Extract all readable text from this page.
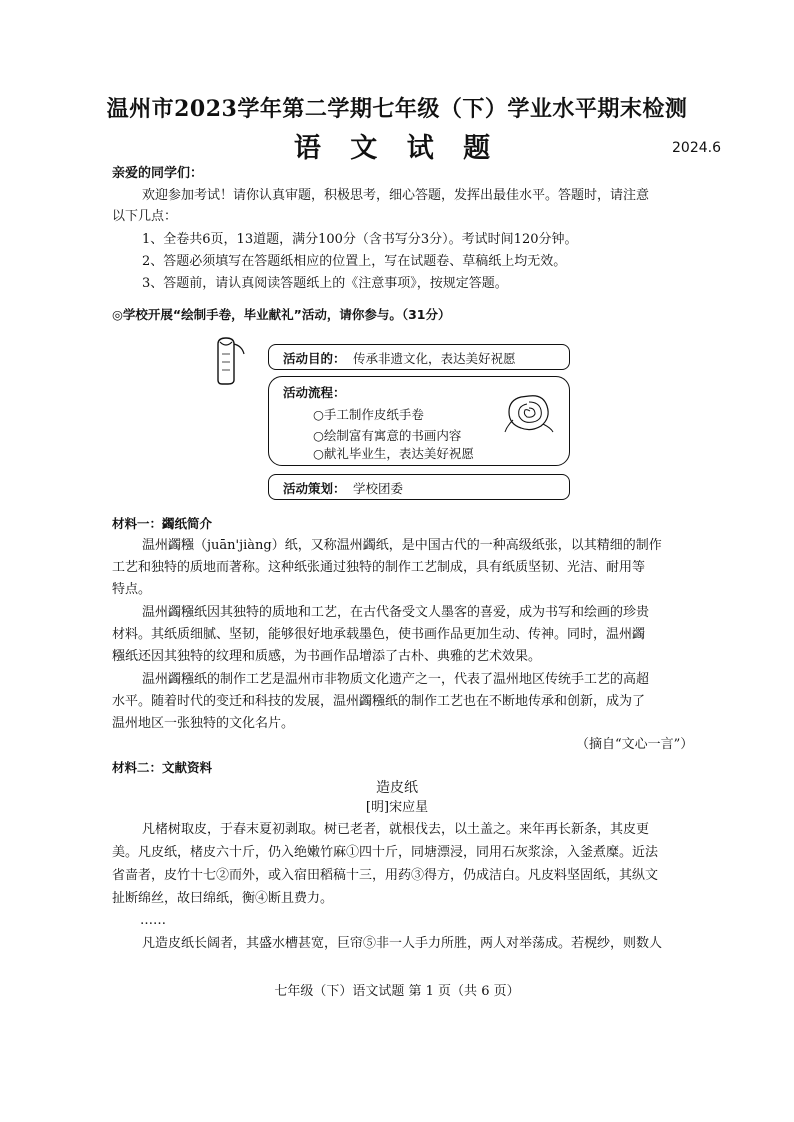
温州市2023学年第二学期七年级（下）学业水平期末检测
语 文 试 题	2024.6
亲爱的同学们：
欢迎参加考试！请你认真审题，积极思考，细心答题，发挥出最佳水平。答题时，请注意
以下几点：
1、全卷共6页，13道题，满分100分（含书写分3分）。考试时间120分钟。
2、答题必须填写在答题纸相应的位置上，写在试题卷、草稿纸上均无效。
3、答题前，请认真阅读答题纸上的《注意事项》，按规定答题。
◎学校开展“绘制手卷，毕业献礼”活动，请你参与。（31分）
活动目的： 传承非遗文化，表达美好祝愿
活动流程：
○手工制作皮纸手卷
○绘制富有寓意的书画内容
○献礼毕业生，表达美好祝愿
活动策划： 学校团委
材料一：蠲纸简介
温州蠲糨（juān'jiàng）纸，又称温州蠲纸，是中国古代的一种高级纸张，以其精细的制作
工艺和独特的质地而著称。这种纸张通过独特的制作工艺制成，具有纸质坚韧、光洁、耐用等
特点。
温州蠲糨纸因其独特的质地和工艺，在古代备受文人墨客的喜爱，成为书写和绘画的珍贵
材料。其纸质细腻、坚韧，能够很好地承载墨色，使书画作品更加生动、传神。同时，温州蠲
糨纸还因其独特的纹理和质感，为书画作品增添了古朴、典雅的艺术效果。
温州蠲糨纸的制作工艺是温州市非物质文化遗产之一，代表了温州地区传统手工艺的高超
水平。随着时代的变迁和科技的发展，温州蠲糨纸的制作工艺也在不断地传承和创新，成为了
温州地区一张独特的文化名片。
（摘自“文心一言”）
材料二：文献资料
造皮纸
[明]宋应星
凡楮树取皮，于春末夏初剥取。树已老者，就根伐去，以土盖之。来年再长新条，其皮更
美。凡皮纸，楮皮六十斤，仍入绝嫩竹麻①四十斤，同塘漂浸，同用石灰浆涂，入釜煮糜。近法
省啬者，皮竹十七②而外，或入宿田稻稿十三，用药③得方，仍成洁白。凡皮料坚固纸，其纵文
扯断绵丝，故曰绵纸，衡④断且费力。
……
凡造皮纸长阔者，其盛水槽甚宽，巨帘⑤非一人手力所胜，两人对举荡成。若榥纱，则数人
七年级（下）语文试题 第 1 页（共 6 页）
